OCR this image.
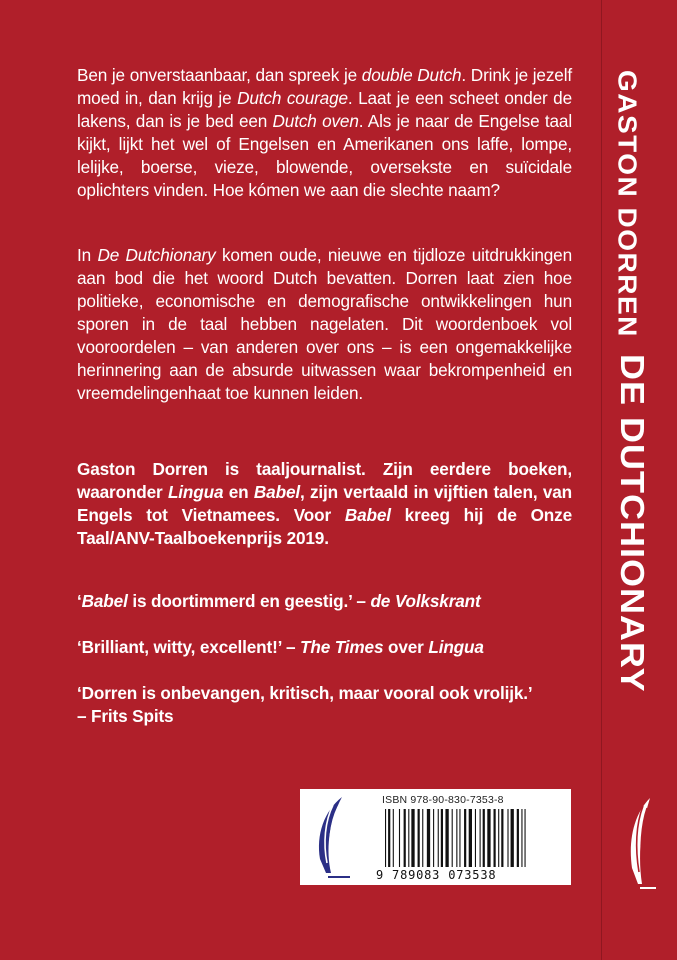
Ben je onverstaanbaar, dan spreek je double Dutch. Drink je jezelf moed in, dan krijg je Dutch courage. Laat je een scheet onder de lakens, dan is je bed een Dutch oven. Als je naar de Engelse taal kijkt, lijkt het wel of Engelsen en Amerikanen ons laffe, lompe, lelijke, boerse, vieze, blowende, oversekste en suïcidale oplichters vinden. Hoe kómen we aan die slechte naam?

In De Dutchionary komen oude, nieuwe en tijdloze uitdrukkingen aan bod die het woord Dutch bevatten. Dorren laat zien hoe politieke, economische en demografische ontwikkelingen hun sporen in de taal hebben nagelaten. Dit woordenboek vol vooroordelen – van anderen over ons – is een ongemakkelijke herinnering aan de absurde uitwassen waar bekrompenheid en vreemdelingenhaat toe kunnen leiden.

Gaston Dorren is taaljournalist. Zijn eerdere boeken, waaronder Lingua en Babel, zijn vertaald in vijftien talen, van Engels tot Vietnamees. Voor Babel kreeg hij de Onze Taal/ANV-Taalboekenprijs 2019.

‘Babel is doortimmerd en geestig.’ – de Volkskrant

‘Brilliant, witty, excellent!’ – The Times over Lingua

‘Dorren is onbevangen, kritisch, maar vooral ook vrolijk.’
– Frits Spits

GASTON DORREN
DE DUTCHIONARY
ISBN 978-90-830-7353-8
9 789083 073538
